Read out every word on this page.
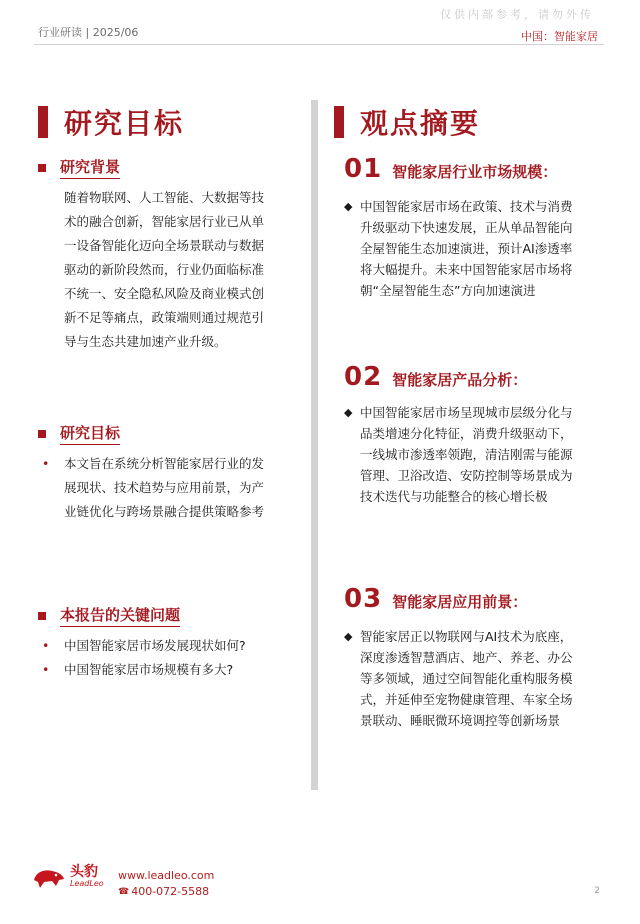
行业研读 | 2025/06
仅供内部参考，请勿外传
中国：智能家居
研究目标
研究背景
随着物联网、人工智能、大数据等技
术的融合创新，智能家居行业已从单
一设备智能化迈向全场景联动与数据
驱动的新阶段然而，行业仍面临标准
不统一、安全隐私风险及商业模式创
新不足等痛点，政策端则通过规范引
导与生态共建加速产业升级。
研究目标
•	本文旨在系统分析智能家居行业的发
展现状、技术趋势与应用前景，为产
业链优化与跨场景融合提供策略参考
本报告的关键问题
•	中国智能家居市场发展现状如何?
•	中国智能家居市场规模有多大?
观点摘要
01 智能家居行业市场规模：
◆ 中国智能家居市场在政策、技术与消费
升级驱动下快速发展，正从单品智能向
全屋智能生态加速演进，预计AI渗透率
将大幅提升。未来中国智能家居市场将
朝“全屋智能生态”方向加速演进
02 智能家居产品分析：
◆ 中国智能家居市场呈现城市层级分化与
品类增速分化特征，消费升级驱动下，
一线城市渗透率领跑，清洁刚需与能源
管理、卫浴改造、安防控制等场景成为
技术迭代与功能整合的核心增长极
03 智能家居应用前景：
◆ 智能家居正以物联网与AI技术为底座，
深度渗透智慧酒店、地产、养老、办公
等多领域，通过空间智能化重构服务模
式，并延伸至宠物健康管理、车家全场
景联动、睡眠微环境调控等创新场景
头豹
LeadLeo
www.leadleo.com
☎ 400-072-5588	2
